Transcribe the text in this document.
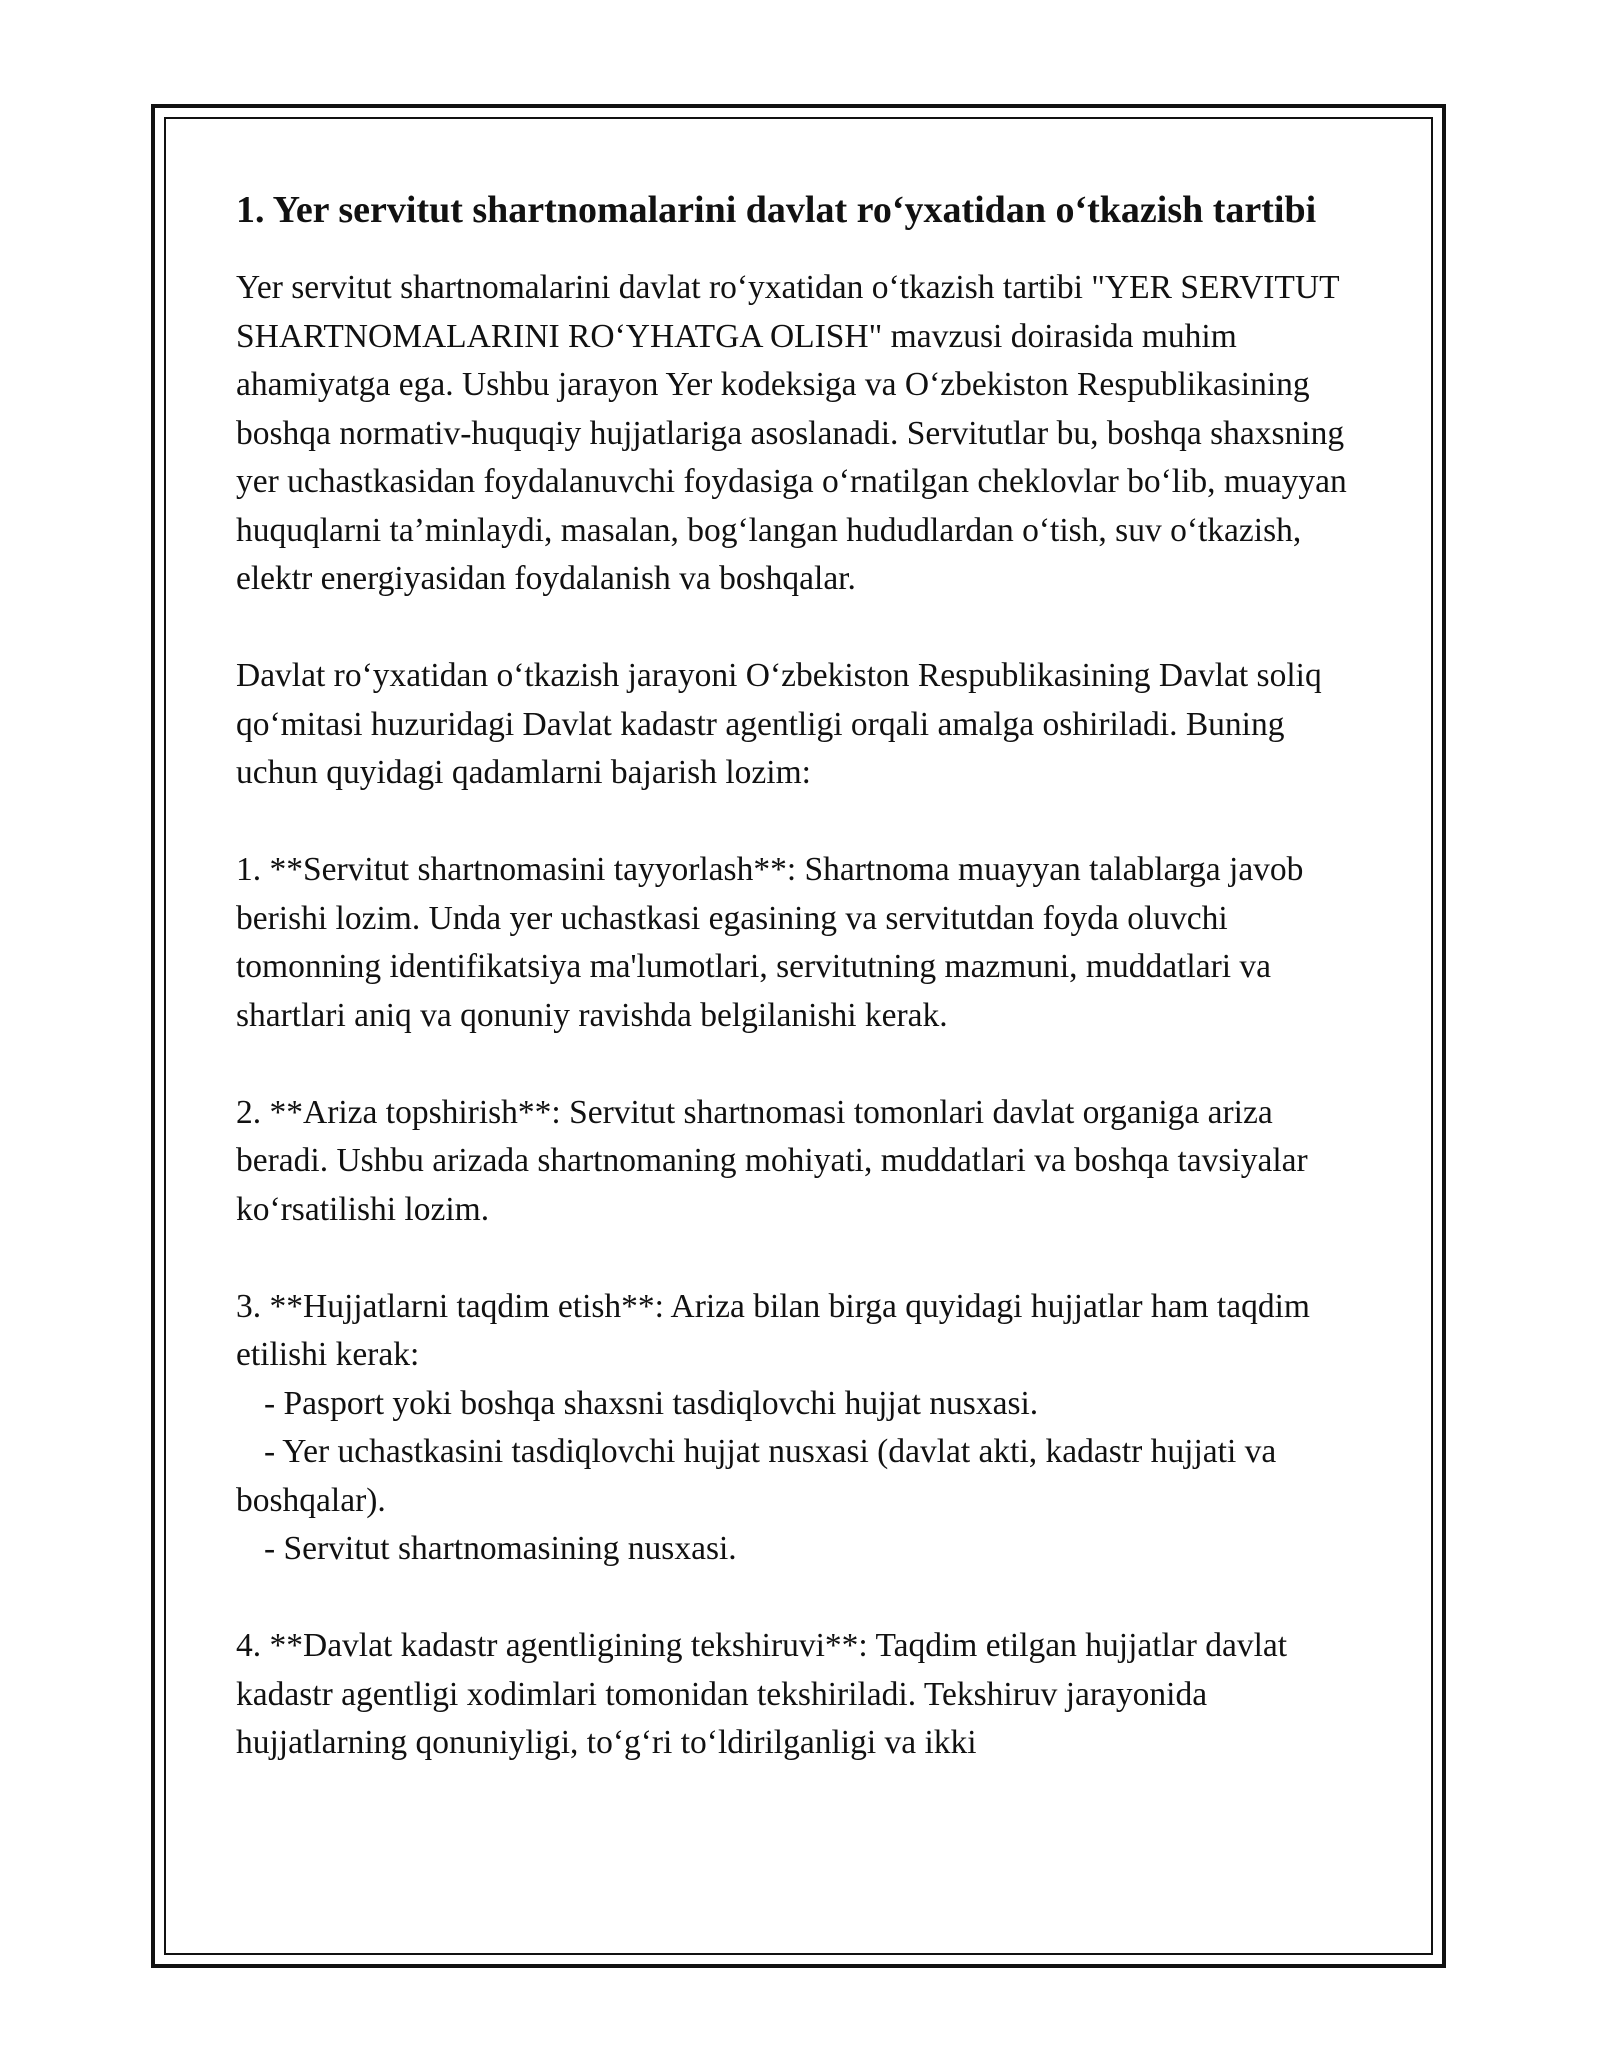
1. Yer servitut shartnomalarini davlat ro‘yxatidan o‘tkazish tartibi

Yer servitut shartnomalarini davlat ro‘yxatidan o‘tkazish tartibi "YER SERVITUT SHARTNOMALARINI RO‘YHATGA OLISH" mavzusi doirasida muhim ahamiyatga ega. Ushbu jarayon Yer kodeksiga va O‘zbekiston Respublikasining boshqa normativ-huquqiy hujjatlariga asoslanadi. Servitutlar bu, boshqa shaxsning yer uchastkasidan foydalanuvchi foydasiga o‘rnatilgan cheklovlar bo‘lib, muayyan huquqlarni ta’minlaydi, masalan, bog‘langan hududlardan o‘tish, suv o‘tkazish, elektr energiyasidan foydalanish va boshqalar.

Davlat ro‘yxatidan o‘tkazish jarayoni O‘zbekiston Respublikasining Davlat soliq qo‘mitasi huzuridagi Davlat kadastr agentligi orqali amalga oshiriladi. Buning uchun quyidagi qadamlarni bajarish lozim:

1. **Servitut shartnomasini tayyorlash**: Shartnoma muayyan talablarga javob berishi lozim. Unda yer uchastkasi egasining va servitutdan foyda oluvchi tomonning identifikatsiya ma'lumotlari, servitutning mazmuni, muddatlari va shartlari aniq va qonuniy ravishda belgilanishi kerak.

2. **Ariza topshirish**: Servitut shartnomasi tomonlari davlat organiga ariza beradi. Ushbu arizada shartnomaning mohiyati, muddatlari va boshqa tavsiyalar ko‘rsatilishi lozim.

3. **Hujjatlarni taqdim etish**: Ariza bilan birga quyidagi hujjatlar ham taqdim etilishi kerak:

- Pasport yoki boshqa shaxsni tasdiqlovchi hujjat nusxasi.

- Yer uchastkasini tasdiqlovchi hujjat nusxasi (davlat akti, kadastr hujjati va boshqalar).

- Servitut shartnomasining nusxasi.

4. **Davlat kadastr agentligining tekshiruvi**: Taqdim etilgan hujjatlar davlat kadastr agentligi xodimlari tomonidan tekshiriladi. Tekshiruv jarayonida hujjatlarning qonuniyligi, to‘g‘ri to‘ldirilganligi va ikki
